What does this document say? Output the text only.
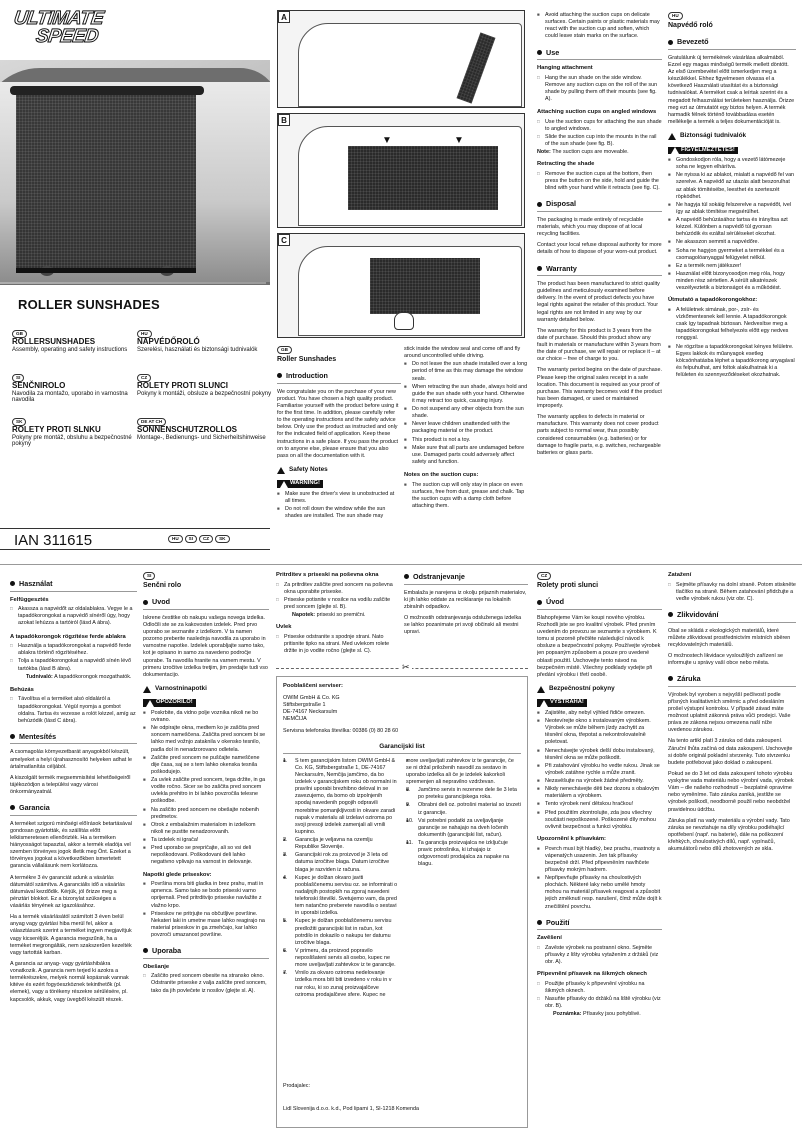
ULTIMATE
SPEED
ROLLER SUNSHADES
GB
ROLLERSUNSHADES
Assembly, operating and safety instructions
HU
NAPVÉDŐROLÓ
Szerelési, használati és biztonsági tudnivalók
SI
SENČNIROLO
Navodila za montažo, uporabo in varnostna navodila
CZ
ROLETY PROTI SLUNCI
Pokyny k montáži, obsluze a bezpečnostní pokyny
SK
ROLETY PROTI SLNKU
Pokyny pre montáž, obsluhu a bezpečnostné pokyny
DE AT CH
SONNENSCHUTZROLLOS
Montage-, Bedienungs- und Sicherheitshinweise
IAN 311615	HU	SI	CZ	SK
A
B
▼	▼
C
GB
Roller Sunshades
Introduction

We congratulate you on the purchase of your new product. You have chosen a high quality product. Familiarise yourself with the product before using it for the first time. In addition, please carefully refer to the operating instructions and the safety advice below. Only use the product as instructed and only for the indicated field of application. Keep these instructions in a safe place. If you pass the product on to anyone else, please ensure that you also pass on all the documentation with it.

Safety Notes
WARNING!
■ Make sure the driver's view is unobstructed at all times.
■ Do not roll down the window while the sun shades are installed. The sun shade may

stick inside the window seal and come off and fly around uncontrolled while driving.

■ Do not leave the sun shade installed over a long period of time as this may damage the window seals.
■ When retracting the sun shade, always hold and guide the sun shade with your hand. Otherwise it may retract too quick, causing injury.
■ Do not suspend any other objects from the sun shade.
■ Never leave children unattended with the packaging material or the product.
■ This product is not a toy.
■ Make sure that all parts are undamaged before use. Damaged parts could adversely affect safety and function.
Notes on the suction cups:
■ The suction cup will only stay in place on even surfaces, free from dust, grease and chalk. Tap the suction cups with a damp cloth before attaching them.
■ Avoid attaching the suction cups on delicate surfaces. Certain paints or plastic materials may react with the suction cup and soften, which could leave stain marks on the surface.
Use
Hanging attachment
□ Hang the sun shade on the side window. Remove any suction cups on the roll of the sun shade by pulling them off their mounts (see fig. A).
Attaching suction cups on angled windows
□ Use the suction cups for attaching the sun shade to angled windows.
□ Slide the suction cup into the mounts in the rail of the sun shade (see fig. B).

Note: The suction cups are moveable.

Retracting the shade
□ Remove the suction cups at the bottom, then press the button on the side, hold and guide the blind with your hand while it retracts (see fig. C).
Disposal

The packaging is made entirely of recyclable materials, which you may dispose of at local recycling facilities.

Contact your local refuse disposal authority for more details of how to dispose of your worn-out product.

Warranty

The product has been manufactured to strict quality guidelines and meticulously examined before delivery. In the event of product defects you have legal rights against the retailer of this product. Your legal rights are not limited in any way by our warranty detailed below.

The warranty for this product is 3 years from the date of purchase. Should this product show any fault in materials or manufacture within 3 years from the date of purchase, we will repair or replace it – at our choice – free of charge to you.

The warranty period begins on the date of purchase. Please keep the original sales receipt in a safe location. This document is required as your proof of purchase. This warranty becomes void if the product has been damaged, or used or maintained improperly.

The warranty applies to defects in material or manufacture. This warranty does not cover product parts subject to normal wear, thus possibly considered consumables (e.g. batteries) or for damage to fragile parts, e.g. switches, rechargeable batteries or glass parts.

HU
Napvédő roló
Bevezető

Gratulálunk új termékének vásárlása alkalmából. Ezzel egy magas minőségű termék mellett döntött. Az első üzembevétel előtt ismerkedjen meg a készülékkel. Ehhez figyelmesen olvassa el a következő Használati utasítást és a biztonsági tudnivalókat. A terméket csak a leírtak szerint és a megadott felhasználási területeken használja. Őrizze meg ezt az útmutatót egy biztos helyen. A termék harmadik félnek történő továbbadása esetén mellékelje a termék a teljes dokumentációját is.

Biztonsági tudnivalók
FIGYELMEZTETÉS!
■ Gondoskodjon róla, hogy a vezető látómezeje soha ne legyen elhárítva.
■ Ne nyissa ki az ablakot, mialatt a napvédő fel van szerelve. A napvédő az utazás alatt beszorulhat az ablak tömítésébe, leesthet és szerteszét röpködhet.
■ Ne hagyja túl sokáig felszerelve a napvédőt, ivel így az ablak tömítése megsérülhet.
■ A napvédő behúzásához tartsa és irányítsa azt kézzel. Különben a napvédő túl gyorsan behúzódik és ezáltal sérüléseket okozhat.
■ Ne akasszon semmit a napvédőre.
■ Soha ne hagyjon gyermeket a termékkel és a csomagolóanyaggal felügyelet nélkül.
■ Ez a termék nem játékszer!
■ Használat előtt bizonyosodjon meg róla, hogy minden rész sértetlen. A sérült alkatrészek veszélyeztetik a biztonságot és a működést.
Útmutató a tapadókorongokhoz:
■ A felületnek simának, por-, zsír- és vízkőmentesnek kell lennie. A tapadókorongok csak így tapadnak biztosan. Nedvesítse meg a tapadókorongokat felhelyezés előtt egy nedves ronggyal.
■ Ne rögzítse a tapadókorongokat kényes felületre. Egyes lakkok és műanyagok esetleg kölcsönhatásba léphet a tapadókorong anyagával és felpuhulhat, ami foltok alakulhatnak ki a felületen és szennyeződéseket okozhatnak.
Használat
Felfüggesztés
□ Akassza a napvédőt az oldalablakra. Vegye le a tapadókorongokat a napvédő sínéről úgy, hogy azokat lehúzza a tartóiról (lásd A ábra).
A tapadókorongok rögzítése ferde ablakra
□ Használja a tapadókorongokat a napvédő ferde ablakra történő rögzítéséhez.
□ Tolja a tapadókorongokat a napvédő sínén lévő tartókba (lásd B ábra).

Tudnivaló: A tapadókorongok mozgathatók.

Behúzás
□ Távolítsa el a terméket alsó oldaláról a tapadókorongokat. Végül nyomja a gombot oldalra. Tartsa és vezesse a rolót kézzel, amíg az behúzódik (lásd C ábra).
Mentesítés

A csomagolás környezetbarát anyagokból készült, amelyeket a helyi újrahasznosító helyeken adhat le ártalmatlanítás céljából.

A kiszolgált termék megsemmisítési lehetőségeiről tájékozódjon a települési vagy városi önkormányzatnál.

Garancia

A terméket szigorú minőségi előírások betartásával gondosan gyártották, és szállítás előtt lelkiismeretesen ellenőrizték. Ha a terméken hiányosságot tapasztal, akkor a termék eladója vel szemben törvényes jogok illetik meg Önt. Ezeket a törvényes jogokat a következőkben ismertetett garancia vállalásunk nem korlátozza.

A termékre 3 év garanciát adunk a vásárlás dátumától számítva. A garanciális idő a vásárlás dátumával kezdődik. Kérjük, jól őrizze meg a pénztári blokkot. Ez a bizonylat szükséges a vásárlás tényének az igazolásához.

Ha a termék vásárlásától számított 3 éven belül anyag vagy gyártási hiba merül fel, akkor a választásunk szerint a terméket ingyen megjavítjuk vagy kicseréljük. A garancia megszűnik, ha a terméket megrongálták, nem szakszerűen kezelték vagy tartották karban.

A garancia az anyag- vagy gyártáshibákra vonatkozik. A garancia nem terjed ki azokra a termékrészekre, melyek normál kopásnak vannak kitéve és ezért fogyóeszköznek tekinthetők (pl. elemek), vagy a törékeny részekre sérülésére, pl. kapcsolók, akkuk, vagy üvegből készült részek.

SI
Senčni rolo
Uvod

Iskrene čestitke ob nakupu vašega novega izdelka. Odločili ste se za kakovosten izdelek. Pred prvo uporabo se seznanite z izdelkom. V ta namen pozorno preberite naslednja navodila za uporabo in varnostne napotke. Izdelek uporabljajte samo tako, kot je opisano in samo za navedeno področje uporabe. Ta navodila hranite na varnem mestu. V primeru izročitve izdelka tretjim, jim predajte tudi vso dokumentacijo.

Varnostninapotki
OPOZORILO!
■ Poskrbite, da vidno polje voznika nikoli ne bo ovirano.
■ Ne odpirajte okna, medtem ko je zaščita pred soncem nameščena. Zaščita pred soncem bi se lahko med vožnjo zataknila v okensko tesnilo, padla dol in nenadzorovano odletela.
■ Zaščite pred soncem ne puščajte nameščene dije časa, saj se s tem lahko okenska tesnila poškodujejo.
■ Za uvlek zaščite pred soncem, tega držite, in ga vodite ročno. Sicer se bo zaščita pred soncem uvlekla prehitro in bi lahko povzročila telesne poškodbe.
■ Na zaščito pred soncem ne obešajte nobenih predmetov.
■ Otrok z embalažnim materialom in izdelkom nikoli ne pustite nenadzorovanih.
■ Ta izdelek ni igrača!
■ Pred uporabo se prepričajte, ali so vsi deli nepoškodovani. Poškodovani deli lahko negativno vplivajo na varnost in delovanje.
Napotki glede priseskov:
■ Površina mora biti gladka in brez prahu, mati in apnenca. Samo tako se bodo priseski varno oprijemali. Pred pritrditvijo priseske navlažite z vlažno krpo.
■ Priseskov ne pritrjujte na občutljive površine. Nekateri laki in umetne mase lahko reagirajo na material priseskov in ga zmehčajo, kar lahko povzroči umazanost površine.
Uporaba
Obešanje
□ Zaščito pred soncem obesite na stransko okno. Odstranite priseske z valja zaščite pred soncem, tako da jih povlečete iz nosilov (glejte sl. A).
Pritrditev s priseski na poševna okna
□ Za pritrditev zaščite pred soncem na poševna okna uporabite priseske.
□ Priseske potisnite v nosilce na vodilu zaščite pred soncem (glejte sl. B).

Napotek: priseski so premični.

Uvlek
□ Priseske odstranite s spodnje strani. Nato pritisnite tipko na strani. Med uvlekom rolete držite in jo vodite ročno (glejte sl. C).
Odstranjevanje

Embalaža je narejena iz okolju prijaznih materialov, ki jih lahko oddate za reciklaranje na lokalnih zbiralnih odpadkov.

O možnostih odstranjevanja odsluženega izdelka se lahko pozanimate pri svoji občinski ali mestni upravi.

✂
Pooblaščeni serviser:
OWIM GmbH & Co. KG
Stiftsbergstraße 1
DE-74167 Neckarsulm
NEMČIJA

Servisna telefonska številka: 00386 (0) 80 28 60

Garancijski list
■ 1. S tem garancijskim listom OWIM GmbH & Co. KG, Stiftsbergstraße 1, DE-74167 Neckarsulm, Nemčija jamčimo, da bo izdelek v garancijskem roku ob normalni in pravilni uporabi brezhibno deloval in se zavezujemo, da bomo ob izpolnjenih spodaj navedenih pogojih odpravili morebitne pomanjkljivosti in okvare zaradi napak v materialu ali izdelavi oziroma po svoji presoji izdelek zamenjali ali vrnili kupnino.
■ 2. Garancija je veljavna na ozemlju Republike Slovenije.
■ 3. Garancijski rok za proizvod je 3 leta od datuma izročitve blaga. Datum izročitve blaga je razviden iz računa.
■ 4. Kupec je dolžan okvaro javiti pooblaščenemu servisu oz. se informirati o nadaljnjih postopkih na zgoraj navedeni telefonski številki. Svetujemo vam, da pred tem natančno preberete navodila o sestavi in uporabi izdelka.
■ 5. Kupec je dolžan pooblaščenemu servisu predložiti garancijski list in račun, kot potrdilo in dokazilo o nakupu ter datumu izročitve blaga.
■ 6. V primeru, da proizvod popravilo neposlišateni servis ali osebo, kupec ne more uveljavljati zahtevkov iz te garancije.
■ 7. Vrnilo za okvaro oziroma nedelovanje izdelka mora biti biti izvedeno v roku in v nar roku, ki so zunaj proizvajalčeve oziroma prodajalčeve sfere. Kupec ne
■ more uveljavljati zahtevkov iz te garancije, če se ni držal priloženih navodil za sestavo in uporabo izdelka ali če je izdelek kakorkoli spremenjen ali nepravilno vzdrževan.
■ 8. Jamčimo servis in rezervne dele še 3 leta po preteku garancijskega roka.
■ 9. Obrabni deli oz. potrošni material so izvzeti iz garancije.
■ 10. Vsi potrebni podatki za uveljavljanje garancije se nahajajo na dveh ločenih dokumentih (garancijski list, račun).
■ 11. Ta garancija proizvajalca ne izključuje pravic potrošnika, ki izhajajo iz odgovornosti prodajalca za napake na blagu.
Prodajalec:
Lidl Slovenija d.o.o. k.d., Pod lipami 1, SI-1218 Komenda
CZ
Rolety proti slunci
Úvod

Blahopřejeme Vám ke koupi nového výrobku. Rozhodli jste se pro kvalitní výrobek. Před prvním uvedením do provozu se seznamte s výrobkem. K tomu si pozorně přečtěte následující návod k obsluze a bezpečnostní pokyny. Používejte výrobek jen popsaným způsobem a pouze pro uvedené oblasti použití. Uschovejte tento návod na bezpečném místě. Všechny podklady vydejte při předání výrobku i třetí osobě.

Bezpečnostní pokyny
VÝSTRAHA!
■ Zajistěte, aby nebyl výhled řidiče omezen.
■ Neotevírejte okno s instalovaným výrobkem. Výrobek se může během jízdy zachytit za těsnění okna, třepotat a nekontrolovatelně poletovat.
■ Nenechávejte výrobek delší dobu instalovaný, těsnění okna se může poškodit.
■ Při zatahování výrobku ho vedte rukou. Jinak se výrobek zatáhne rychle a může zranit.
■ Nezavěšujte na výrobek žádné předměty.
■ Nikdy nenechávejte děti bez dozoru s obalovým materiálem a výrobkem.
■ Tento výrobek není dětskou hračkou!
■ Před použitím zkontrolujte, zda jsou všechny součásti nepoškozené. Poškozené díly mohou ovlivnit bezpečnost a funkci výrobku.
Upozornění k přísavkám:
■ Povrch musí být hladký, bez prachu, mastnoty a vápenatých usazenin. Jen tak přísavky bezpečně drží. Před připevněním navlhčete přísavky mokrým hadrem.
■ Nepřipevňujte přísavky na choulostivých plochách. Některé laky nebo umělé hmoty mohou na materiál přísavek reagovat a způsobit jejich změknutí resp. narušení, čímž může dojít k znečištění povrchu.
Použití
Zavěšení
□ Zavěste výrobek na postranní okno. Sejměte přísavky z lišty výrobku vytažením z držáků (viz obr. A).
Připevnění přísavek na šikmých oknech
□ Použijte přísavky k připevnění výrobku na šikmých oknech.
□ Nasuňte přísavky do držáků na liště výrobku (viz obr. B).

Poznámka: Přísavky jsou pohyblivé.

Zatažení
□ Sejměte přísavky na dolní straně. Potom stiskněte tlačítko na straně. Během zatahování přidržujte a veďte výrobek rukou (viz obr. C).
Zlikvidování

Obal se skládá z ekologických materiálů, které můžete zlikvidovat prostřednictvím místních sběren recyklovatelných materiálů.

O možnostech likvidace vysloužilých zařízení se informujte u správy vaší obce nebo města.

Záruka

Výrobek byl vyroben s nejvyšší pečlivostí podle přísných kvalitativních směrnic a před odesláním prošel výstupní kontrolou. V případě závad máte možnost uplatnit zákonná práva vůči prodejci. Vaše práva ze zákona nejsou omezena naší níže uvedenou zárukou.

Na tento artikl platí 3 záruka od data zakoupení. Záruční lhůta začíná od data zakoupení. Uschovejte si dobře originál pokladní stvrzenky. Tuto stvrzenku budete potřebovat jako doklad o zakoupení.

Pokud se do 3 let od data zakoupení tohoto výrobku vyskytne vada materiálu nebo výrobní vada, výrobek Vám – dle našeho rozhodnutí – bezplatně opravíme nebo vyměníme. Tato záruka zaniká, jestliže se výrobek poškodí, neodborně použil nebo neobdržel pravidelnou údržbu.

Záruka platí na vady materiálu a výrobní vady. Tato záruka se nevztahuje na díly výrobku podléhající opotřebení (např. na baterie), dále na poškození křehkých, choulostivých dílů, např. vypínačů, akumulátorů nebo dílů zhotovených ze skla.
